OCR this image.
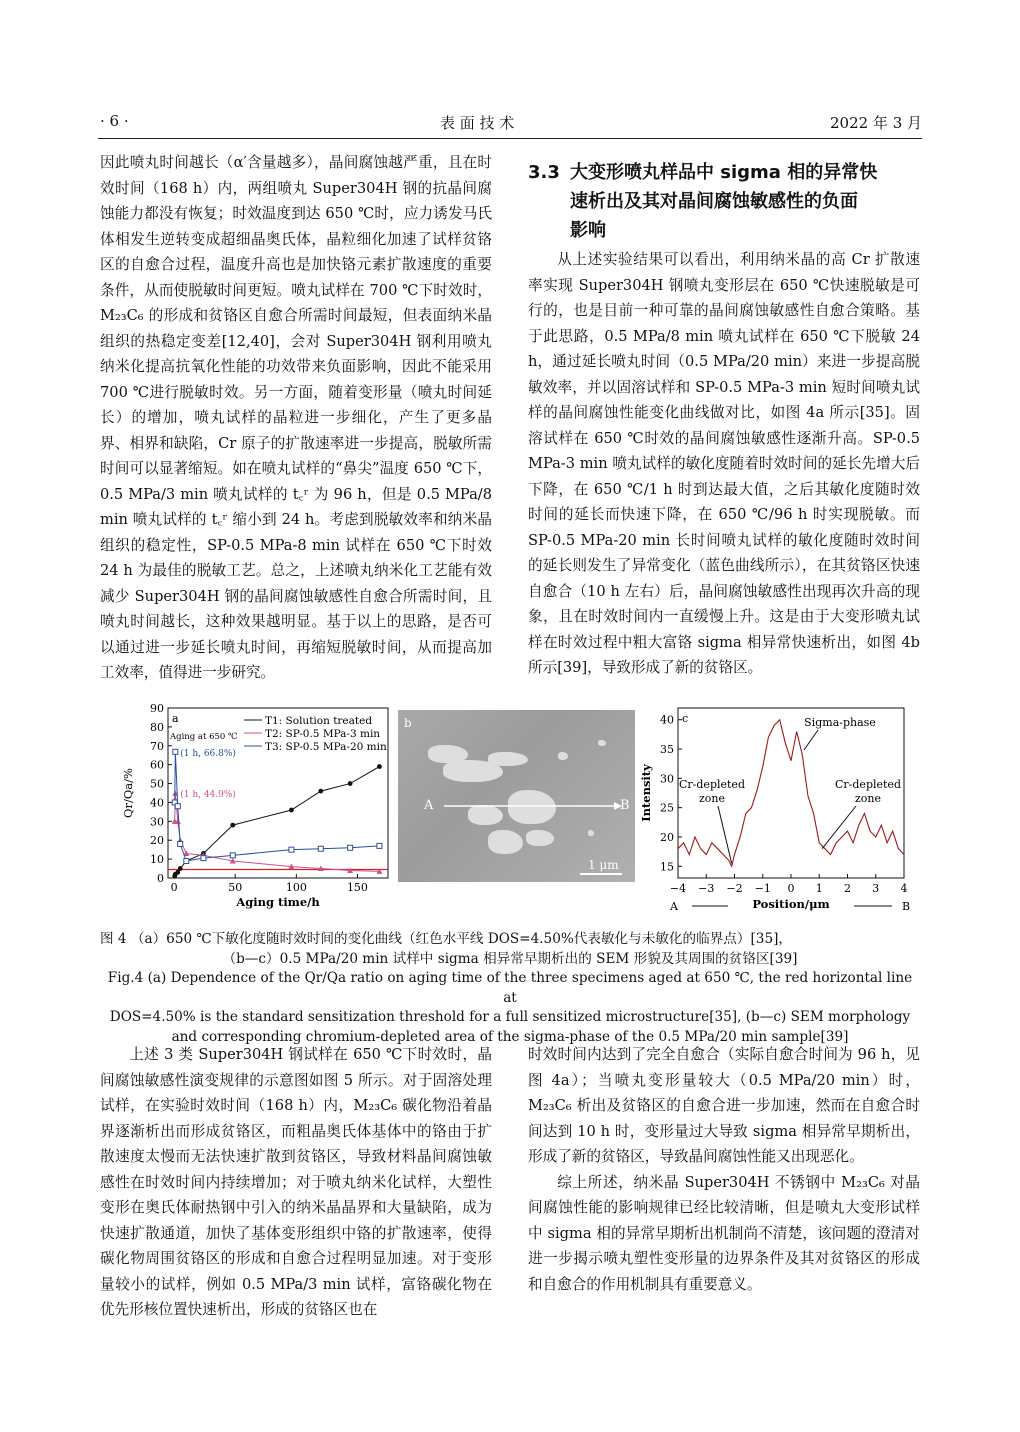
· 6 ·	表 面 技 术	2022 年 3 月

因此喷丸时间越长（α′含量越多），晶间腐蚀越严重，且在时效时间（168 h）内，两组喷丸 Super304H 钢的抗晶间腐蚀能力都没有恢复；时效温度到达 650 ℃时，应力诱发马氏体相发生逆转变成超细晶奥氏体，晶粒细化加速了试样贫铬区的自愈合过程，温度升高也是加快铬元素扩散速度的重要条件，从而使脱敏时间更短。喷丸试样在 700 ℃下时效时，M₂₃C₆ 的形成和贫铬区自愈合所需时间最短，但表面纳米晶组织的热稳定变差[12,40]，会对 Super304H 钢利用喷丸纳米化提高抗氧化性能的功效带来负面影响，因此不能采用 700 ℃进行脱敏时效。另一方面，随着变形量（喷丸时间延长）的增加，喷丸试样的晶粒进一步细化，产生了更多晶界、相界和缺陷，Cr 原子的扩散速率进一步提高，脱敏所需时间可以显著缩短。如在喷丸试样的“鼻尖”温度 650 ℃下，0.5 MPa/3 min 喷丸试样的 t꜀ʳ 为 96 h，但是 0.5 MPa/8 min 喷丸试样的 t꜀ʳ 缩小到 24 h。考虑到脱敏效率和纳米晶组织的稳定性，SP-0.5 MPa-8 min 试样在 650 ℃下时效 24 h 为最佳的脱敏工艺。总之，上述喷丸纳米化工艺能有效减少 Super304H 钢的晶间腐蚀敏感性自愈合所需时间，且喷丸时间越长，这种效果越明显。基于以上的思路，是否可以通过进一步延长喷丸时间，再缩短脱敏时间，从而提高加工效率，值得进一步研究。

3.3 大变形喷丸样品中 sigma 相的异常快
速析出及其对晶间腐蚀敏感性的负面
影响

从上述实验结果可以看出，利用纳米晶的高 Cr 扩散速率实现 Super304H 钢喷丸变形层在 650 ℃快速脱敏是可行的，也是目前一种可靠的晶间腐蚀敏感性自愈合策略。基于此思路，0.5 MPa/8 min 喷丸试样在 650 ℃下脱敏 24 h，通过延长喷丸时间（0.5 MPa/20 min）来进一步提高脱敏效率，并以固溶试样和 SP-0.5 MPa-3 min 短时间喷丸试样的晶间腐蚀性能变化曲线做对比，如图 4a 所示[35]。固溶试样在 650 ℃时效的晶间腐蚀敏感性逐渐升高。SP-0.5 MPa-3 min 喷丸试样的敏化度随着时效时间的延长先增大后下降，在 650 ℃/1 h 时到达最大值，之后其敏化度随时效时间的延长而快速下降，在 650 ℃/96 h 时实现脱敏。而 SP-0.5 MPa-20 min 长时间喷丸试样的敏化度随时效时间的延长则发生了异常变化（蓝色曲线所示），在其贫铬区快速自愈合（10 h 左右）后，晶间腐蚀敏感性出现再次升高的现象，且在时效时间内一直缓慢上升。这是由于大变形喷丸试样在时效过程中粗大富铬 sigma 相异常快速析出，如图 4b 所示[39]，导致形成了新的贫铬区。

0
10
20
30
40
50
60
70
80
90
0	50	100	150
Aging time/h
Qr/Qa/%
T1: Solution treated
T2: SP-0.5 MPa-3 min
T3: SP-0.5 MPa-20 min
a
Aging at 650 ℃
(1 h, 66.8%)
(1 h, 44.9%)
b
A	B
1 μm	15
20
25
30
35
40
−4 −3 −2 −1 0 1 2 3 4
Position/μm
Intensity
c	Sigma-phase
Cr-depleted
zone
Cr-depleted
zone
A	B

图 4 （a）650 ℃下敏化度随时效时间的变化曲线（红色水平线 DOS=4.50%代表敏化与未敏化的临界点）[35]，

（b—c）0.5 MPa/20 min 试样中 sigma 相异常早期析出的 SEM 形貌及其周围的贫铬区[39]

Fig.4 (a) Dependence of the Qr/Qa ratio on aging time of the three specimens aged at 650 ℃, the red horizontal line at

DOS=4.50% is the standard sensitization threshold for a full sensitized microstructure[35], (b—c) SEM morphology

and corresponding chromium-depleted area of the sigma-phase of the 0.5 MPa/20 min sample[39]

上述 3 类 Super304H 钢试样在 650 ℃下时效时，晶间腐蚀敏感性演变规律的示意图如图 5 所示。对于固溶处理试样，在实验时效时间（168 h）内，M₂₃C₆ 碳化物沿着晶界逐渐析出而形成贫铬区，而粗晶奥氏体基体中的铬由于扩散速度太慢而无法快速扩散到贫铬区，导致材料晶间腐蚀敏感性在时效时间内持续增加；对于喷丸纳米化试样，大塑性变形在奥氏体耐热钢中引入的纳米晶晶界和大量缺陷，成为快速扩散通道，加快了基体变形组织中铬的扩散速率，使得碳化物周围贫铬区的形成和自愈合过程明显加速。对于变形量较小的试样，例如 0.5 MPa/3 min 试样，富铬碳化物在优先形核位置快速析出，形成的贫铬区也在

时效时间内达到了完全自愈合（实际自愈合时间为 96 h，见图 4a）；当喷丸变形量较大（0.5 MPa/20 min）时，M₂₃C₆ 析出及贫铬区的自愈合进一步加速，然而在自愈合时间达到 10 h 时，变形量过大导致 sigma 相异常早期析出，形成了新的贫铬区，导致晶间腐蚀性能又出现恶化。

综上所述，纳米晶 Super304H 不锈钢中 M₂₃C₆ 对晶间腐蚀性能的影响规律已经比较清晰，但是喷丸大变形试样中 sigma 相的异常早期析出机制尚不清楚，该问题的澄清对进一步揭示喷丸塑性变形量的边界条件及其对贫铬区的形成和自愈合的作用机制具有重要意义。
